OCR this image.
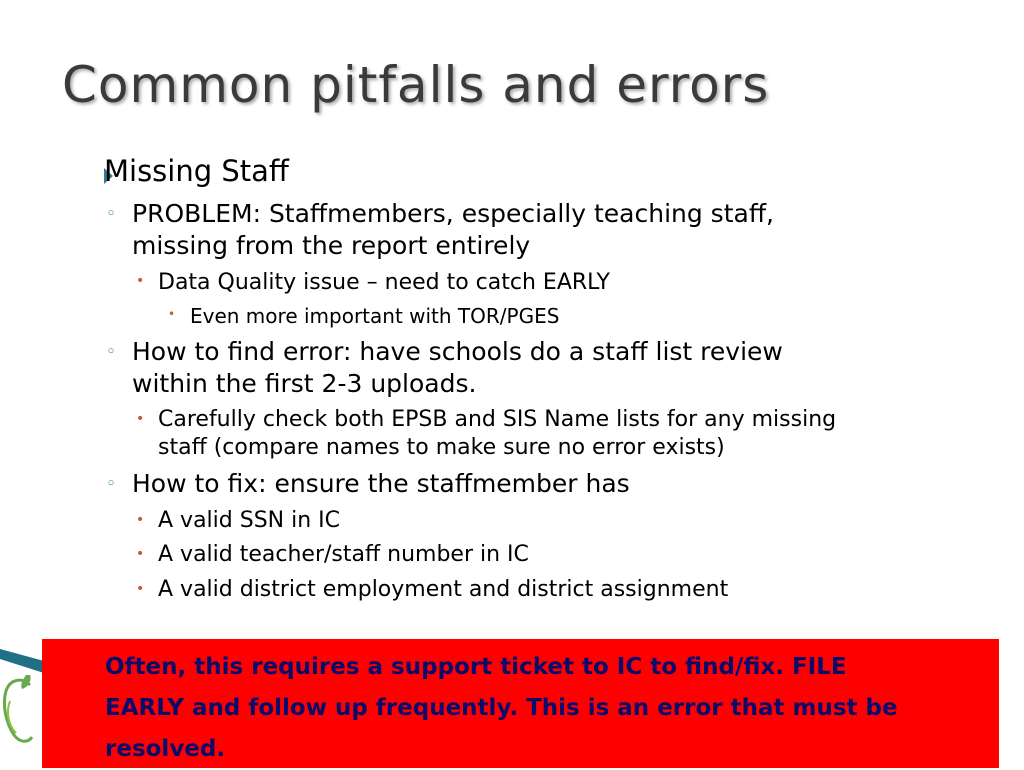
Common pitfalls and errors
Missing Staff
◦ PROBLEM: Staffmembers, especially teaching staff,
missing from the report entirely
• Data Quality issue – need to catch EARLY
• Even more important with TOR/PGES
◦ How to find error: have schools do a staff list review
within the first 2-3 uploads.
• Carefully check both EPSB and SIS Name lists for any missing
staff (compare names to make sure no error exists)
◦ How to fix: ensure the staffmember has
• A valid SSN in IC
• A valid teacher/staff number in IC
• A valid district employment and district assignment
Often, this requires a support ticket to IC to find/fix. FILE
EARLY and follow up frequently. This is an error that must be
resolved.
